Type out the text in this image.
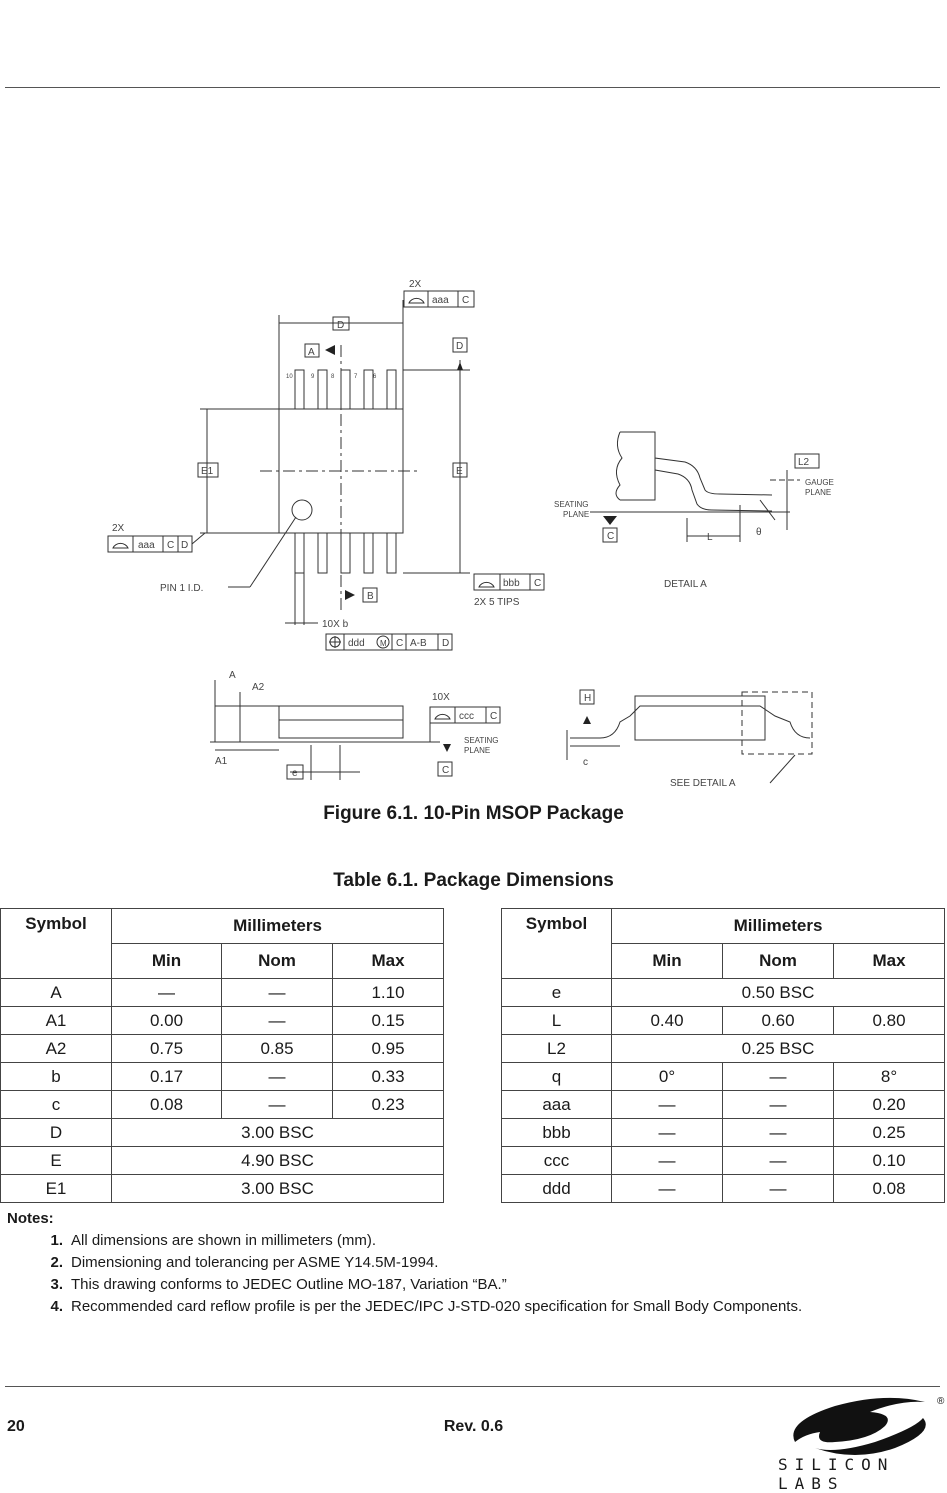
2X
aaa C
D
A
D
10	9	8	7	6
E1	E
2X
aaa C D
PIN 1 I.D.
B
bbb C
2X 5 TIPS
10X b
ddd M C A-B D
SEATING
PLANE
C	L	θ
L2
GAUGE
PLANE
DETAIL A
A
A2
A1
10X
ccc C
SEATING
PLANE
e	C
H
c
SEE DETAIL A
Figure 6.1. 10-Pin MSOP Package
Table 6.1. Package Dimensions
Symbol	Millimeters		
	Min	Nom	Max
A	—	—	1.10
A1	0.00	—	0.15
A2	0.75	0.85	0.95
b	0.17	—	0.33
c	0.08	—	0.23
D	3.00 BSC		
E	4.90 BSC		
E1	3.00 BSC		
Symbol	Millimeters		
	Min	Nom	Max
e	0.50 BSC		
L	0.40	0.60	0.80
L2	0.25 BSC		
q	0°	—	8°
aaa	—	—	0.20
bbb	—	—	0.25
ccc	—	—	0.10
ddd	—	—	0.08
Notes:
1. All dimensions are shown in millimeters (mm).
2. Dimensioning and tolerancing per ASME Y14.5M-1994.
3. This drawing conforms to JEDEC Outline MO-187, Variation “BA.”
4. Recommended card reflow profile is per the JEDEC/IPC J-STD-020 specification for Small Body Components.
20	Rev. 0.6
®
SILICON LABS
